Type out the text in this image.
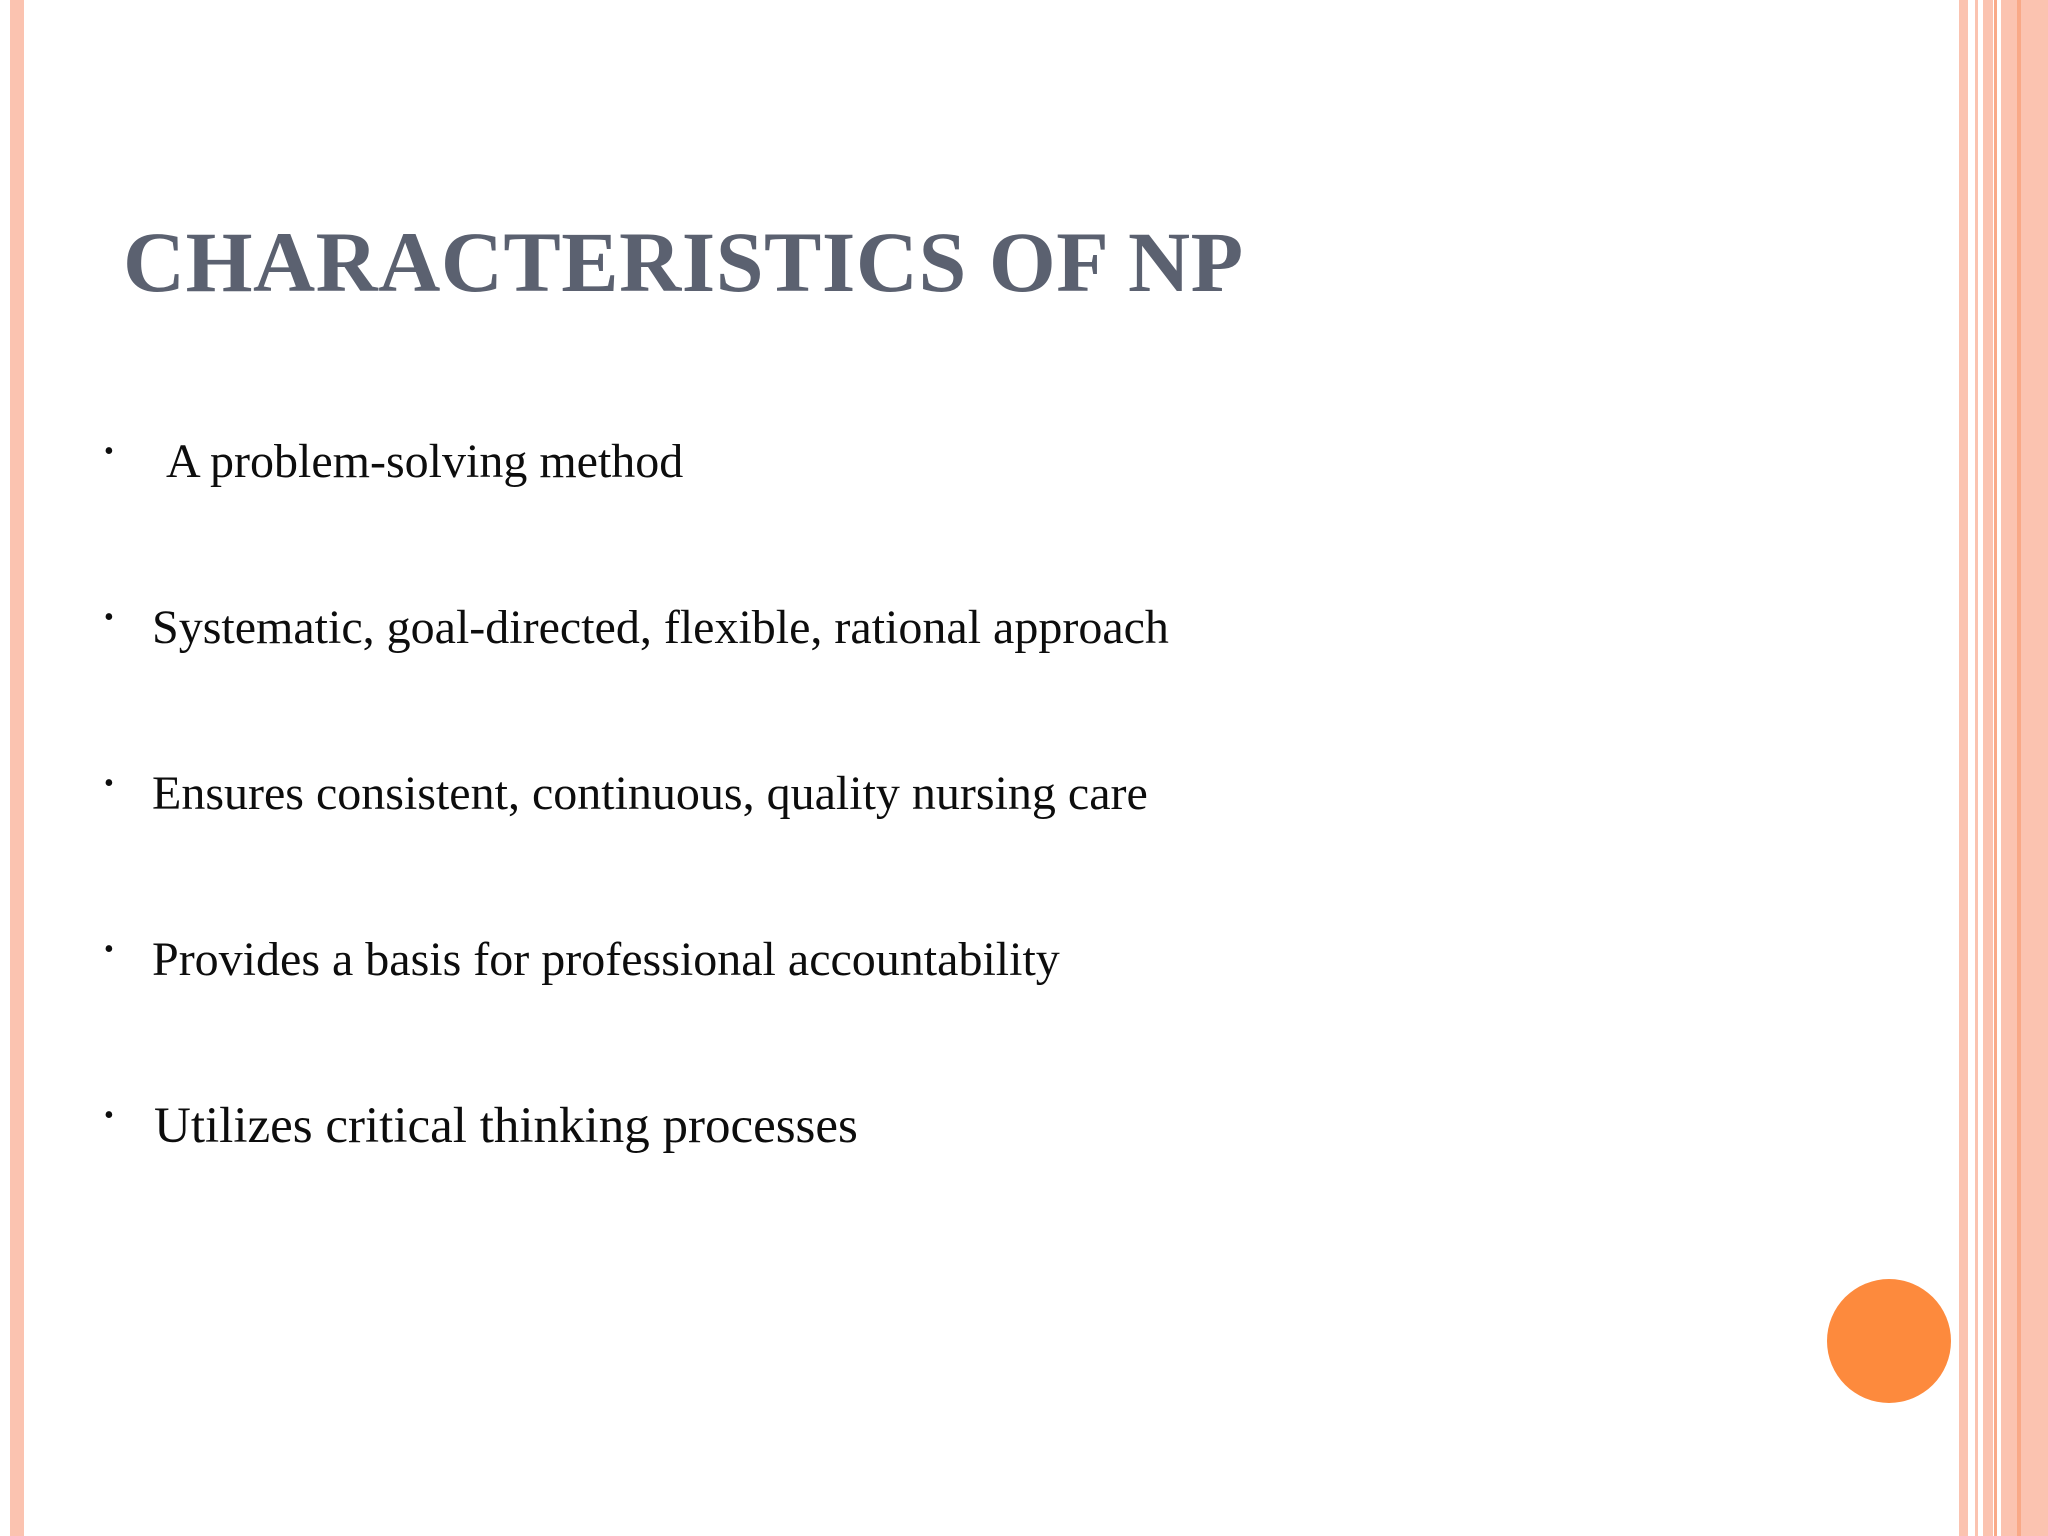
CHARACTERISTICS OF NP
• A problem-solving method
• Systematic, goal-directed, flexible, rational approach
• Ensures consistent, continuous, quality nursing care
• Provides a basis for professional accountability
• Utilizes critical thinking processes
